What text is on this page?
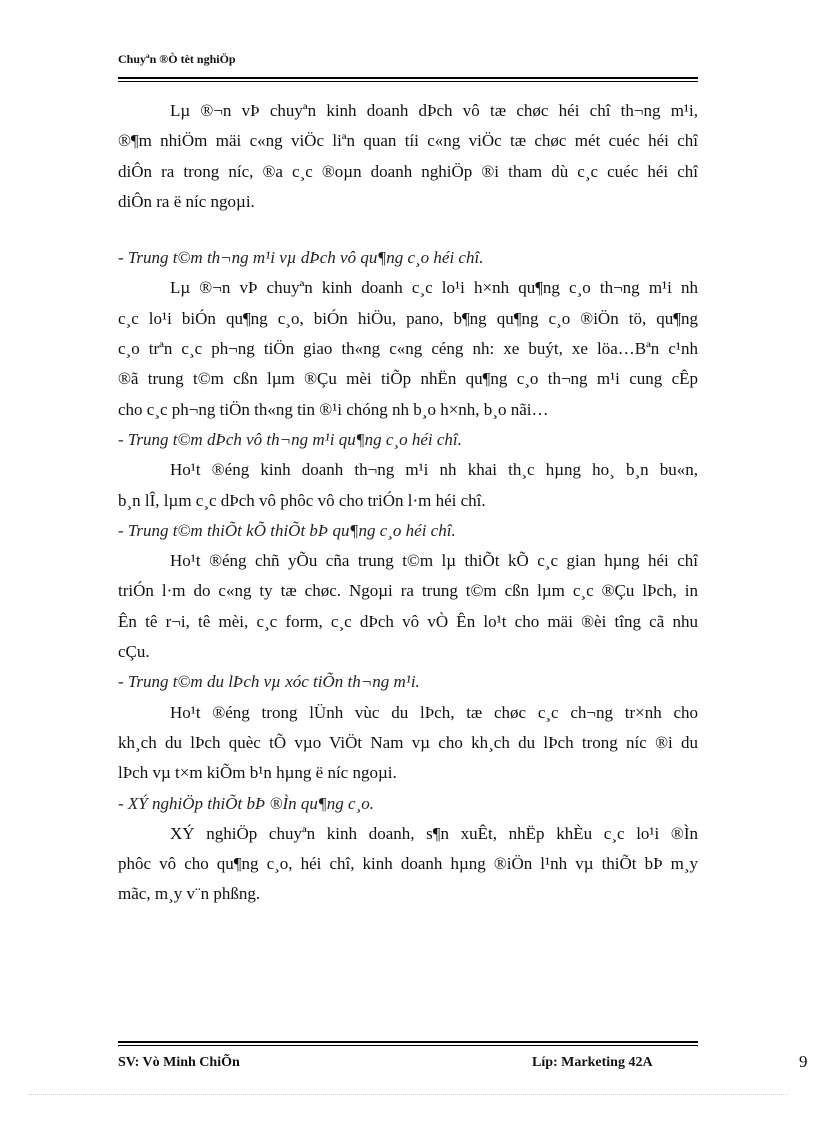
Chuyªn ®Ò tèt nghiÖp
Lµ ®¬n vÞ chuyªn kinh doanh dÞch vô tæ chøc héi chî th¬ng m¹i,
®¶m nhiÖm mäi c«ng viÖc liªn quan tíi c«ng viÖc tæ chøc mét cuéc héi chî
diÔn ra trong níc, ®a c¸c ®oµn doanh nghiÖp ®i tham dù c¸c cuéc héi chî
diÔn ra ë níc ngoµi.
- Trung t©m th¬ng m¹i vµ dÞch vô qu¶ng c¸o héi chî.
Lµ ®¬n vÞ chuyªn kinh doanh c¸c lo¹i h×nh qu¶ng c¸o th¬ng m¹i nh
c¸c lo¹i biÓn qu¶ng c¸o, biÓn hiÖu, pano, b¶ng qu¶ng c¸o ®iÖn tö, qu¶ng
c¸o trªn c¸c ph¬ng tiÖn giao th«ng c«ng céng nh: xe buýt, xe löa…Bªn c¹nh
®ã trung t©m cßn lµm ®Çu mèi tiÕp nhËn qu¶ng c¸o th¬ng m¹i cung cÊp
cho c¸c ph¬ng tiÖn th«ng tin ®¹i chóng nh b¸o h×nh, b¸o nãi…
- Trung t©m dÞch vô th¬ng m¹i qu¶ng c¸o héi chî.
Ho¹t ®éng kinh doanh th¬ng m¹i nh khai th¸c hµng ho¸ b¸n bu«n,
b¸n lÎ, lµm c¸c dÞch vô phôc vô cho triÓn l·m héi chî.
- Trung t©m thiÕt kÕ thiÕt bÞ qu¶ng c¸o héi chî.
Ho¹t ®éng chñ yÕu cña trung t©m lµ thiÕt kÕ c¸c gian hµng héi chî
triÓn l·m do c«ng ty tæ chøc. Ngoµi ra trung t©m cßn lµm c¸c ®Çu lÞch, in
Ên tê r¬i, tê mèi, c¸c form, c¸c dÞch vô vÒ Ên lo¹t cho mäi ®èi tîng cã nhu
cÇu.
- Trung t©m du lÞch vµ xóc tiÕn th¬ng m¹i.
Ho¹t ®éng trong lÜnh vùc du lÞch, tæ chøc c¸c ch¬ng tr×nh cho
kh¸ch du lÞch quèc tÕ vµo ViÖt Nam vµ cho kh¸ch du lÞch trong níc ®i du
lÞch vµ t×m kiÕm b¹n hµng ë níc ngoµi.
- XÝ nghiÖp thiÕt bÞ ®Ìn qu¶ng c¸o.
XÝ nghiÖp chuyªn kinh doanh, s¶n xuÊt, nhËp khÈu c¸c lo¹i ®Ìn
phôc vô cho qu¶ng c¸o, héi chî, kinh doanh hµng ®iÖn l¹nh vµ thiÕt bÞ m¸y
mãc, m¸y v¨n phßng.
SV: Vò Minh ChiÕn	Líp: Marketing 42A	9
